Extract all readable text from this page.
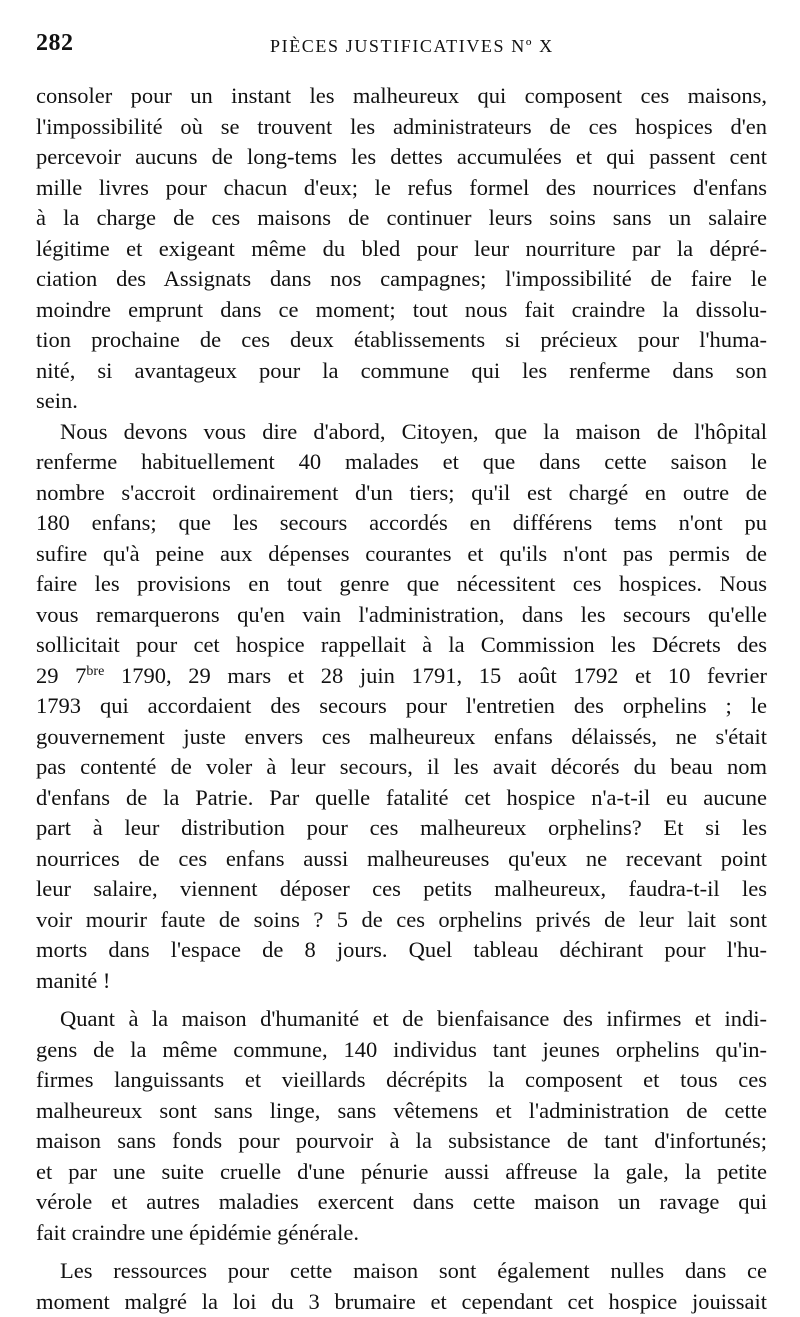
282	PIÈCES JUSTIFICATIVES Nº X
consoler pour un instant les malheureux qui composent ces maisons,
l'impossibilité où se trouvent les administrateurs de ces hospices d'en
percevoir aucuns de long-tems les dettes accumulées et qui passent cent
mille livres pour chacun d'eux; le refus formel des nourrices d'enfans
à la charge de ces maisons de continuer leurs soins sans un salaire
légitime et exigeant même du bled pour leur nourriture par la dépré-
ciation des Assignats dans nos campagnes; l'impossibilité de faire le
moindre emprunt dans ce moment; tout nous fait craindre la dissolu-
tion prochaine de ces deux établissements si précieux pour l'huma-
nité, si avantageux pour la commune qui les renferme dans son
sein.
Nous devons vous dire d'abord, Citoyen, que la maison de l'hôpital
renferme habituellement 40 malades et que dans cette saison le
nombre s'accroit ordinairement d'un tiers; qu'il est chargé en outre de
180 enfans; que les secours accordés en différens tems n'ont pu
sufire qu'à peine aux dépenses courantes et qu'ils n'ont pas permis de
faire les provisions en tout genre que nécessitent ces hospices. Nous
vous remarquerons qu'en vain l'administration, dans les secours qu'elle
sollicitait pour cet hospice rappellait à la Commission les Décrets des
29 $7^{bre}$ 1790, 29 mars et 28 juin 1791, 15 août 1792 et 10 fevrier
1793 qui accordaient des secours pour l'entretien des orphelins ; le
gouvernement juste envers ces malheureux enfans délaissés, ne s'était
pas contenté de voler à leur secours, il les avait décorés du beau nom
d'enfans de la Patrie. Par quelle fatalité cet hospice n'a-t-il eu aucune
part à leur distribution pour ces malheureux orphelins? Et si les
nourrices de ces enfans aussi malheureuses qu'eux ne recevant point
leur salaire, viennent déposer ces petits malheureux, faudra-t-il les
voir mourir faute de soins ? 5 de ces orphelins privés de leur lait sont
morts dans l'espace de 8 jours. Quel tableau déchirant pour l'hu-
manité !
Quant à la maison d'humanité et de bienfaisance des infirmes et indi-
gens de la même commune, 140 individus tant jeunes orphelins qu'in-
firmes languissants et vieillards décrépits la composent et tous ces
malheureux sont sans linge, sans vêtemens et l'administration de cette
maison sans fonds pour pourvoir à la subsistance de tant d'infortunés;
et par une suite cruelle d'une pénurie aussi affreuse la gale, la petite
vérole et autres maladies exercent dans cette maison un ravage qui
fait craindre une épidémie générale.
Les ressources pour cette maison sont également nulles dans ce
moment malgré la loi du 3 brumaire et cependant cet hospice jouissait
